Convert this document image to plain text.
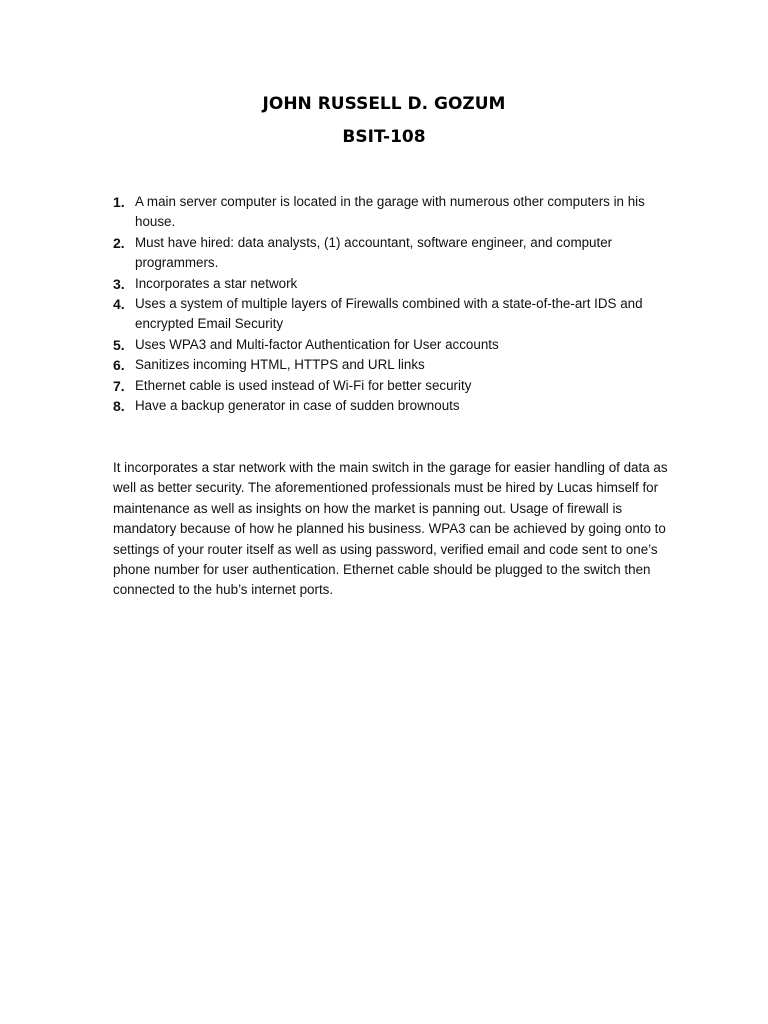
JOHN RUSSELL D. GOZUM
BSIT-108
1. A main server computer is located in the garage with numerous other computers in his house.
2. Must have hired: data analysts, (1) accountant, software engineer, and computer programmers.
3. Incorporates a star network
4. Uses a system of multiple layers of Firewalls combined with a state-of-the-art IDS and encrypted Email Security
5. Uses WPA3 and Multi-factor Authentication for User accounts
6. Sanitizes incoming HTML, HTTPS and URL links
7. Ethernet cable is used instead of Wi-Fi for better security
8. Have a backup generator in case of sudden brownouts

It incorporates a star network with the main switch in the garage for easier handling of data as well as better security. The aforementioned professionals must be hired by Lucas himself for maintenance as well as insights on how the market is panning out. Usage of firewall is mandatory because of how he planned his business. WPA3 can be achieved by going onto to settings of your router itself as well as using password, verified email and code sent to one’s phone number for user authentication. Ethernet cable should be plugged to the switch then connected to the hub’s internet ports.
